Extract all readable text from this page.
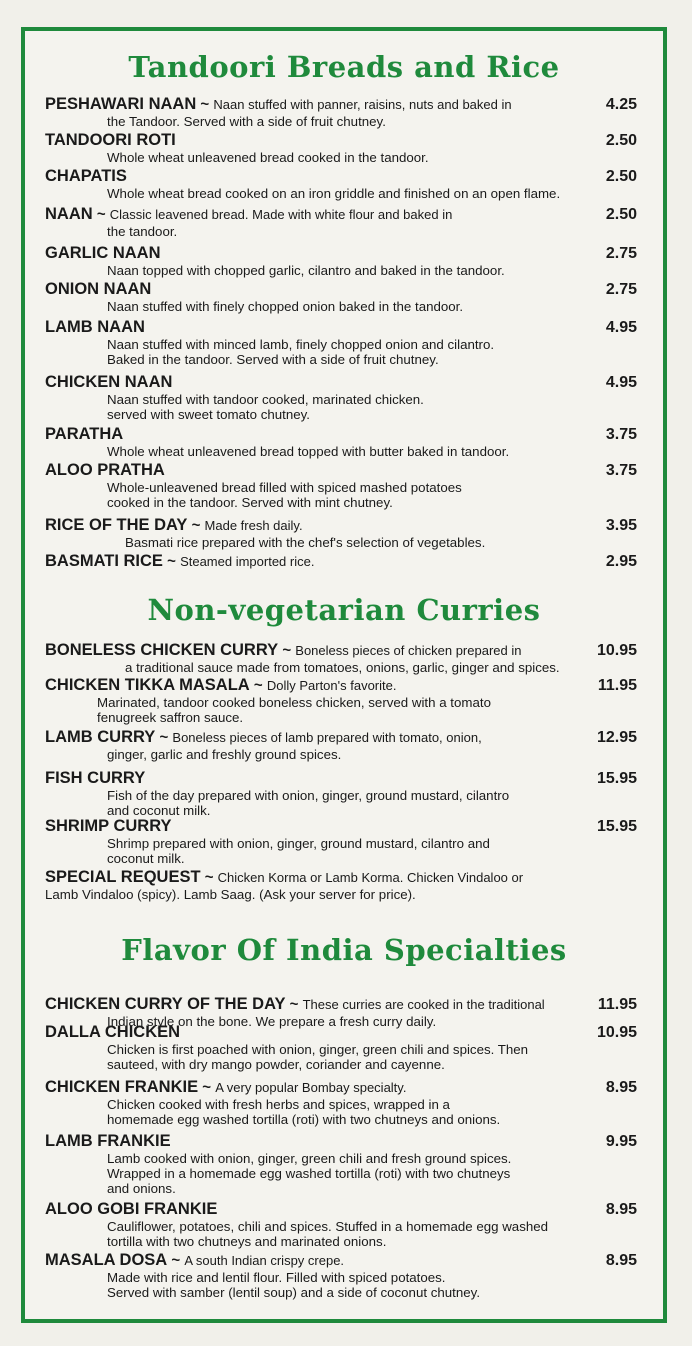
Tandoori Breads and Rice
PESHAWARI NAAN ~ Naan stuffed with panner, raisins, nuts and baked in	4.25
the Tandoor. Served with a side of fruit chutney.
TANDOORI ROTI	2.50
Whole wheat unleavened bread cooked in the tandoor.
CHAPATIS	2.50
Whole wheat bread cooked on an iron griddle and finished on an open flame.
NAAN ~ Classic leavened bread. Made with white flour and baked in	2.50
the tandoor.
GARLIC NAAN	2.75
Naan topped with chopped garlic, cilantro and baked in the tandoor.
ONION NAAN	2.75
Naan stuffed with finely chopped onion baked in the tandoor.
LAMB NAAN	4.95
Naan stuffed with minced lamb, finely chopped onion and cilantro.
Baked in the tandoor. Served with a side of fruit chutney.
CHICKEN NAAN	4.95
Naan stuffed with tandoor cooked, marinated chicken.
served with sweet tomato chutney.
PARATHA	3.75
Whole wheat unleavened bread topped with butter baked in tandoor.
ALOO PRATHA	3.75
Whole-unleavened bread filled with spiced mashed potatoes
cooked in the tandoor. Served with mint chutney.
RICE OF THE DAY ~ Made fresh daily.	3.95
Basmati rice prepared with the chef's selection of vegetables.
BASMATI RICE ~ Steamed imported rice.	2.95
Non-vegetarian Curries
BONELESS CHICKEN CURRY ~ Boneless pieces of chicken prepared in	10.95
a traditional sauce made from tomatoes, onions, garlic, ginger and spices.
CHICKEN TIKKA MASALA ~ Dolly Parton's favorite.	11.95
Marinated, tandoor cooked boneless chicken, served with a tomato
fenugreek saffron sauce.
LAMB CURRY ~ Boneless pieces of lamb prepared with tomato, onion,	12.95
ginger, garlic and freshly ground spices.
FISH CURRY	15.95
Fish of the day prepared with onion, ginger, ground mustard, cilantro
and coconut milk.
SHRIMP CURRY	15.95
Shrimp prepared with onion, ginger, ground mustard, cilantro and
coconut milk.
SPECIAL REQUEST ~ Chicken Korma or Lamb Korma. Chicken Vindaloo or
Lamb Vindaloo (spicy). Lamb Saag. (Ask your server for price).
Flavor Of India Specialties
CHICKEN CURRY OF THE DAY ~ These curries are cooked in the traditional	11.95
Indian style on the bone. We prepare a fresh curry daily.
DALLA CHICKEN	10.95
Chicken is first poached with onion, ginger, green chili and spices. Then
sauteed, with dry mango powder, coriander and cayenne.
CHICKEN FRANKIE ~ A very popular Bombay specialty.	8.95
Chicken cooked with fresh herbs and spices, wrapped in a
homemade egg washed tortilla (roti) with two chutneys and onions.
LAMB FRANKIE	9.95
Lamb cooked with onion, ginger, green chili and fresh ground spices.
Wrapped in a homemade egg washed tortilla (roti) with two chutneys
and onions.
ALOO GOBI FRANKIE	8.95
Cauliflower, potatoes, chili and spices. Stuffed in a homemade egg washed
tortilla with two chutneys and marinated onions.
MASALA DOSA ~ A south Indian crispy crepe.	8.95
Made with rice and lentil flour. Filled with spiced potatoes.
Served with samber (lentil soup) and a side of coconut chutney.
